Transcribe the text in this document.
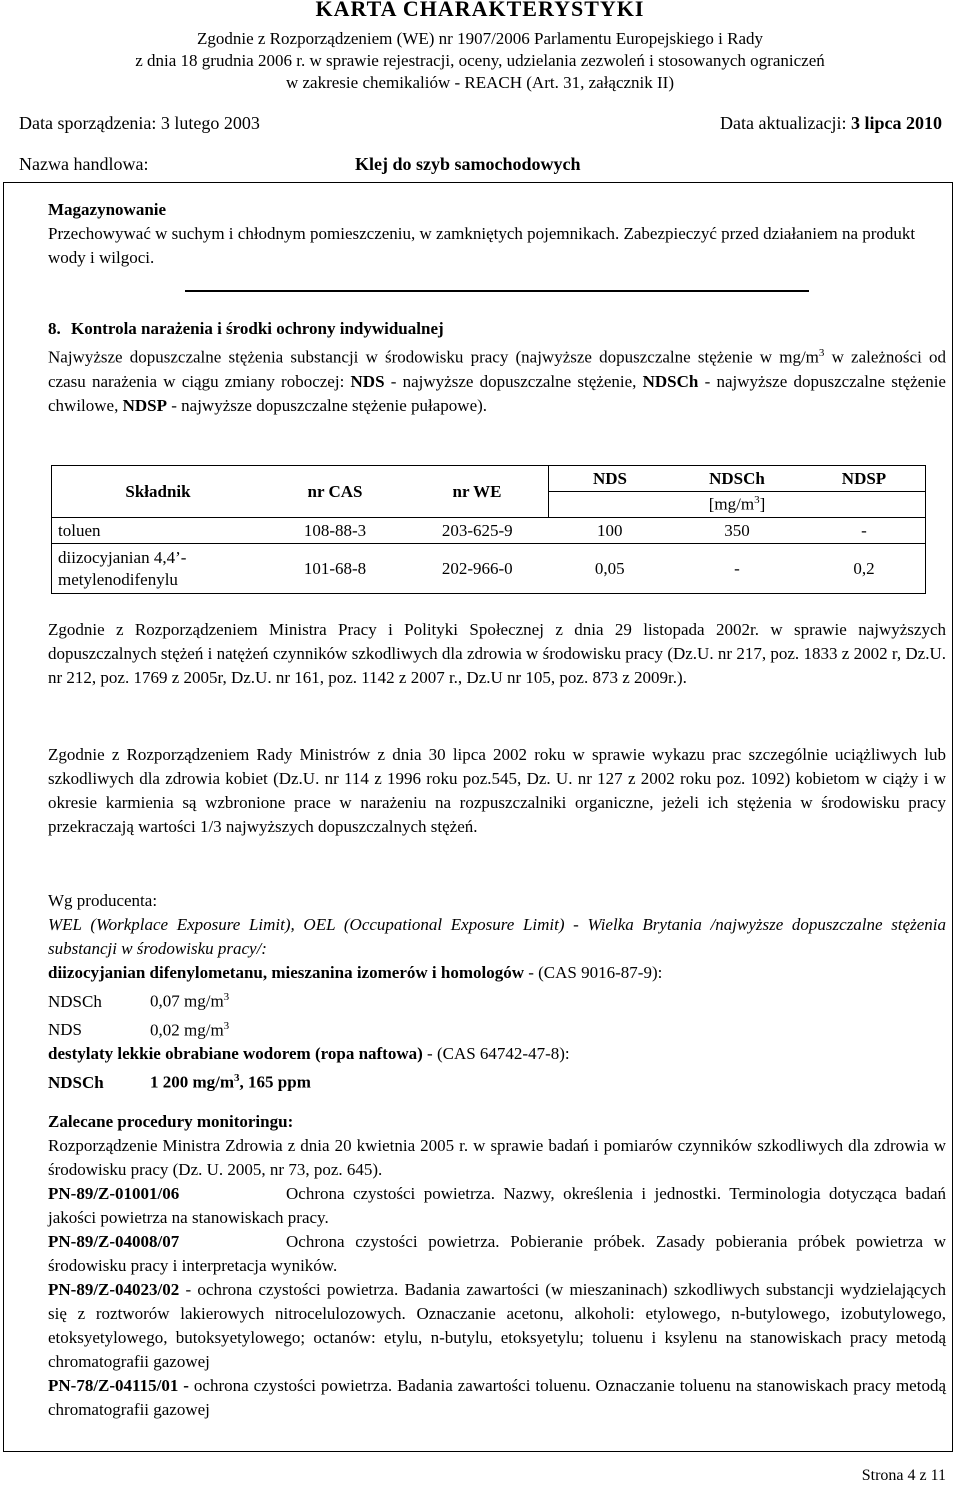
KARTA CHARAKTERYSTYKI
Zgodnie z Rozporządzeniem (WE) nr 1907/2006 Parlamentu Europejskiego i Rady
z dnia 18 grudnia 2006 r. w sprawie rejestracji, oceny, udzielania zezwoleń i stosowanych ograniczeń
w zakresie chemikaliów - REACH (Art. 31, załącznik II)
Data sporządzenia: 3 lutego 2003	Data aktualizacji: 3 lipca 2010
Nazwa handlowa:	Klej do szyb samochodowych
Magazynowanie
Przechowywać w suchym i chłodnym pomieszczeniu, w zamkniętych pojemnikach. Zabezpieczyć przed działaniem na produkt wody i wilgoci.
8. Kontrola narażenia i środki ochrony indywidualnej
Najwyższe dopuszczalne stężenia substancji w środowisku pracy (najwyższe dopuszczalne stężenie w $mg/m^3$ w zależności od czasu narażenia w ciągu zmiany roboczej: NDS - najwyższe dopuszczalne stężenie, NDSCh - najwyższe dopuszczalne stężenie chwilowe, NDSP - najwyższe dopuszczalne stężenie pułapowe).
Składnik	nr CAS	nr WE	NDS	NDSCh	NDSP
			$[mg/m^3]$		
toluen	108-88-3	203-625-9	100	350	-

diizocyjanian 4,4’-
metylenodifenylu	101-68-8	202-966-0	0,05	-	0,2
Zgodnie z Rozporządzeniem Ministra Pracy i Polityki Społecznej z dnia 29 listopada 2002r. w sprawie najwyższych dopuszczalnych stężeń i natężeń czynników szkodliwych dla zdrowia w środowisku pracy (Dz.U. nr 217, poz. 1833 z 2002 r, Dz.U. nr 212, poz. 1769 z 2005r, Dz.U. nr 161, poz. 1142 z 2007 r., Dz.U nr 105, poz. 873 z 2009r.).
Zgodnie z Rozporządzeniem Rady Ministrów z dnia 30 lipca 2002 roku w sprawie wykazu prac szczególnie uciążliwych lub szkodliwych dla zdrowia kobiet (Dz.U. nr 114 z 1996 roku poz.545, Dz. U. nr 127 z 2002 roku poz. 1092) kobietom w ciąży i w okresie karmienia są wzbronione prace w narażeniu na rozpuszczalniki organiczne, jeżeli ich stężenia w środowisku pracy przekraczają wartości 1/3 najwyższych dopuszczalnych stężeń.
Wg producenta:
WEL (Workplace Exposure Limit), OEL (Occupational Exposure Limit) - Wielka Brytania /najwyższe dopuszczalne stężenia substancji w środowisku pracy/:
diizocyjanian difenylometanu, mieszanina izomerów i homologów - (CAS 9016-87-9):
NDSCh	0,07 $mg/m^3$
NDS	0,02 $mg/m^3$
destylaty lekkie obrabiane wodorem (ropa naftowa) - (CAS 64742-47-8):
NDSCh	1 200 $mg/m^3$, 165 ppm
Zalecane procedury monitoringu:
Rozporządzenie Ministra Zdrowia z dnia 20 kwietnia 2005 r. w sprawie badań i pomiarów czynników szkodliwych dla zdrowia w środowisku pracy (Dz. U. 2005, nr 73, poz. 645).
PN-89/Z-01001/06	Ochrona czystości powietrza. Nazwy, określenia i jednostki. Terminologia dotycząca badań jakości powietrza na stanowiskach pracy.
PN-89/Z-04008/07	Ochrona czystości powietrza. Pobieranie próbek. Zasady pobierania próbek powietrza w środowisku pracy i interpretacja wyników.
PN-89/Z-04023/02 - ochrona czystości powietrza. Badania zawartości (w mieszaninach) szkodliwych substancji wydzielających się z roztworów lakierowych nitrocelulozowych. Oznaczanie acetonu, alkoholi: etylowego, n-butylowego, izobutylowego, etoksyetylowego, butoksyetylowego; octanów: etylu, n-butylu, etoksyetylu; toluenu i ksylenu na stanowiskach pracy metodą chromatografii gazowej
PN-78/Z-04115/01 - ochrona czystości powietrza. Badania zawartości toluenu. Oznaczanie toluenu na stanowiskach pracy metodą chromatografii gazowej
Strona 4 z 11
